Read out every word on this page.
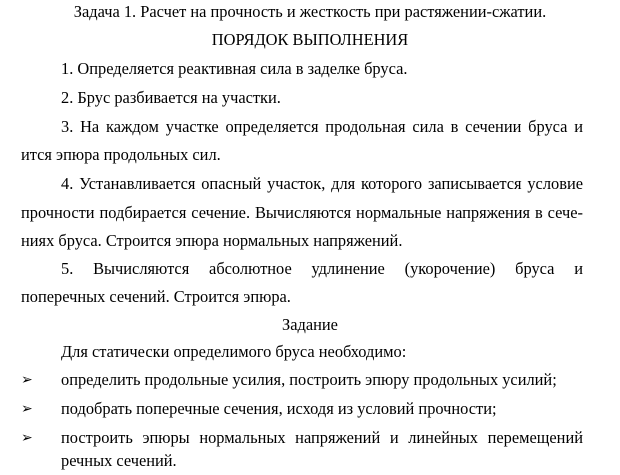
Задача 1. Расчет на прочность и жесткость при растяжении-сжатии.
ПОРЯДОК ВЫПОЛНЕНИЯ
1. Определяется реактивная сила в заделке бруса.
2. Брус разбивается на участки.
3. На каждом участке определяется продольная сила в сечении бруса и
ится эпюра продольных сил.
4. Устанавливается опасный участок, для которого записывается условие
прочности подбирается сечение. Вычисляются нормальные напряжения в сече-
ниях бруса. Строится эпюра нормальных напряжений.
5. Вычисляются абсолютное удлинение (укорочение) бруса и
поперечных сечений. Строится эпюра.
Задание
Для статически определимого бруса необходимо:
➢ определить продольные усилия, построить эпюру продольных усилий;
➢ подобрать поперечные сечения, исходя из условий прочности;
➢ построить эпюры нормальных напряжений и линейных перемещений
речных сечений.
